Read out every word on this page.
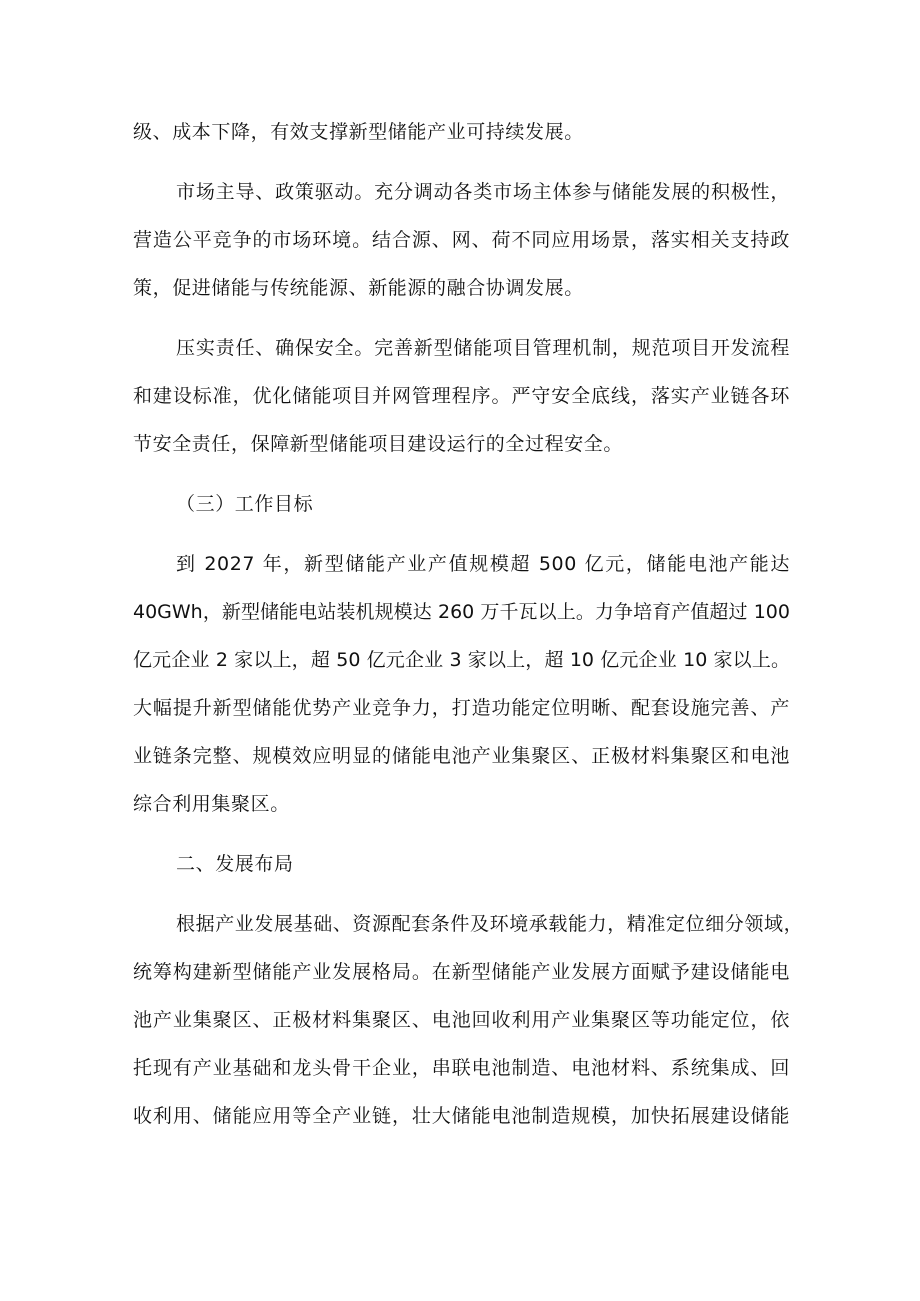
级、成本下降，有效支撑新型储能产业可持续发展。
市场主导、政策驱动。充分调动各类市场主体参与储能发展的积极性，
营造公平竞争的市场环境。结合源、网、荷不同应用场景，落实相关支持政
策，促进储能与传统能源、新能源的融合协调发展。
压实责任、确保安全。完善新型储能项目管理机制，规范项目开发流程
和建设标准，优化储能项目并网管理程序。严守安全底线，落实产业链各环
节安全责任，保障新型储能项目建设运行的全过程安全。
（三）工作目标
到 2027 年，新型储能产业产值规模超 500 亿元，储能电池产能达
40GWh，新型储能电站装机规模达 260 万千瓦以上。力争培育产值超过 100
亿元企业 2 家以上，超 50 亿元企业 3 家以上，超 10 亿元企业 10 家以上。
大幅提升新型储能优势产业竞争力，打造功能定位明晰、配套设施完善、产
业链条完整、规模效应明显的储能电池产业集聚区、正极材料集聚区和电池
综合利用集聚区。
二、发展布局
根据产业发展基础、资源配套条件及环境承载能力，精准定位细分领域，
统筹构建新型储能产业发展格局。在新型储能产业发展方面赋予建设储能电
池产业集聚区、正极材料集聚区、电池回收利用产业集聚区等功能定位，依
托现有产业基础和龙头骨干企业，串联电池制造、电池材料、系统集成、回
收利用、储能应用等全产业链，壮大储能电池制造规模，加快拓展建设储能
